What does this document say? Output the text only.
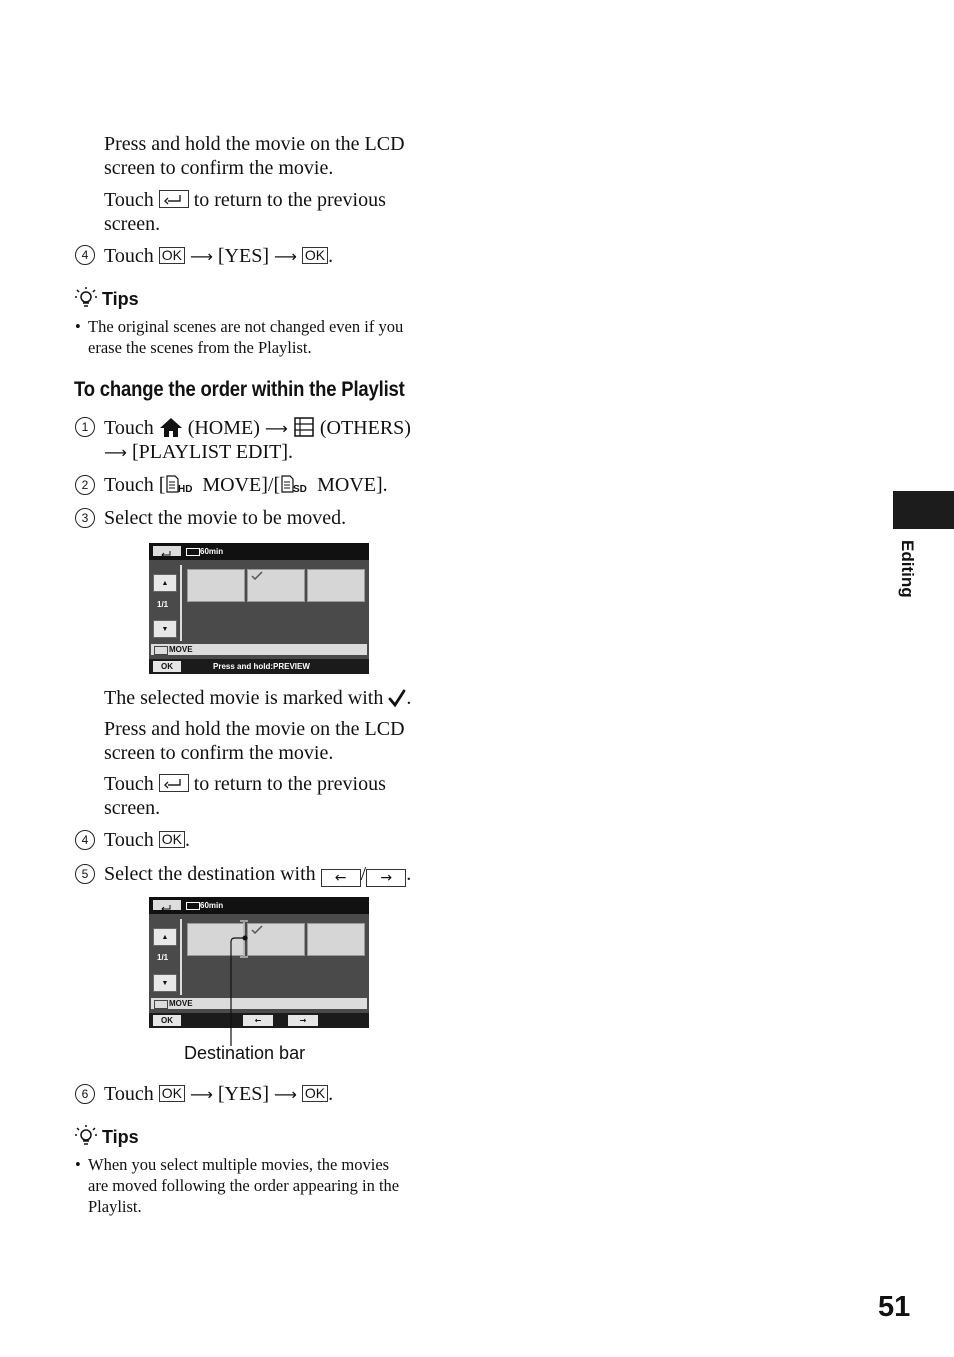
Press and hold the movie on the LCD
screen to confirm the movie.
Touch to return to the previous
screen.
4 Touch OK ⟶ [YES] ⟶ OK .
Tips
• The original scenes are not changed even if you
erase the scenes from the Playlist.
To change the order within the Playlist
1 Touch (HOME) ⟶ (OTHERS)
⟶ [PLAYLIST EDIT].
2 Touch [ HD MOVE]/[ SD MOVE].
3 Select the movie to be moved.
60min
▲
1/1
▼
MOVE
OK	Press and hold:PREVIEW
The selected movie is marked with .
Press and hold the movie on the LCD
screen to confirm the movie.
Touch to return to the previous
screen.
4 Touch OK .
5 Select the destination with ← / → .
60min
▲
1/1
▼
MOVE
OK	←	→
Destination bar
6 Touch OK ⟶ [YES] ⟶ OK .
Tips
• When you select multiple movies, the movies
are moved following the order appearing in the
Playlist.
Editing
51
